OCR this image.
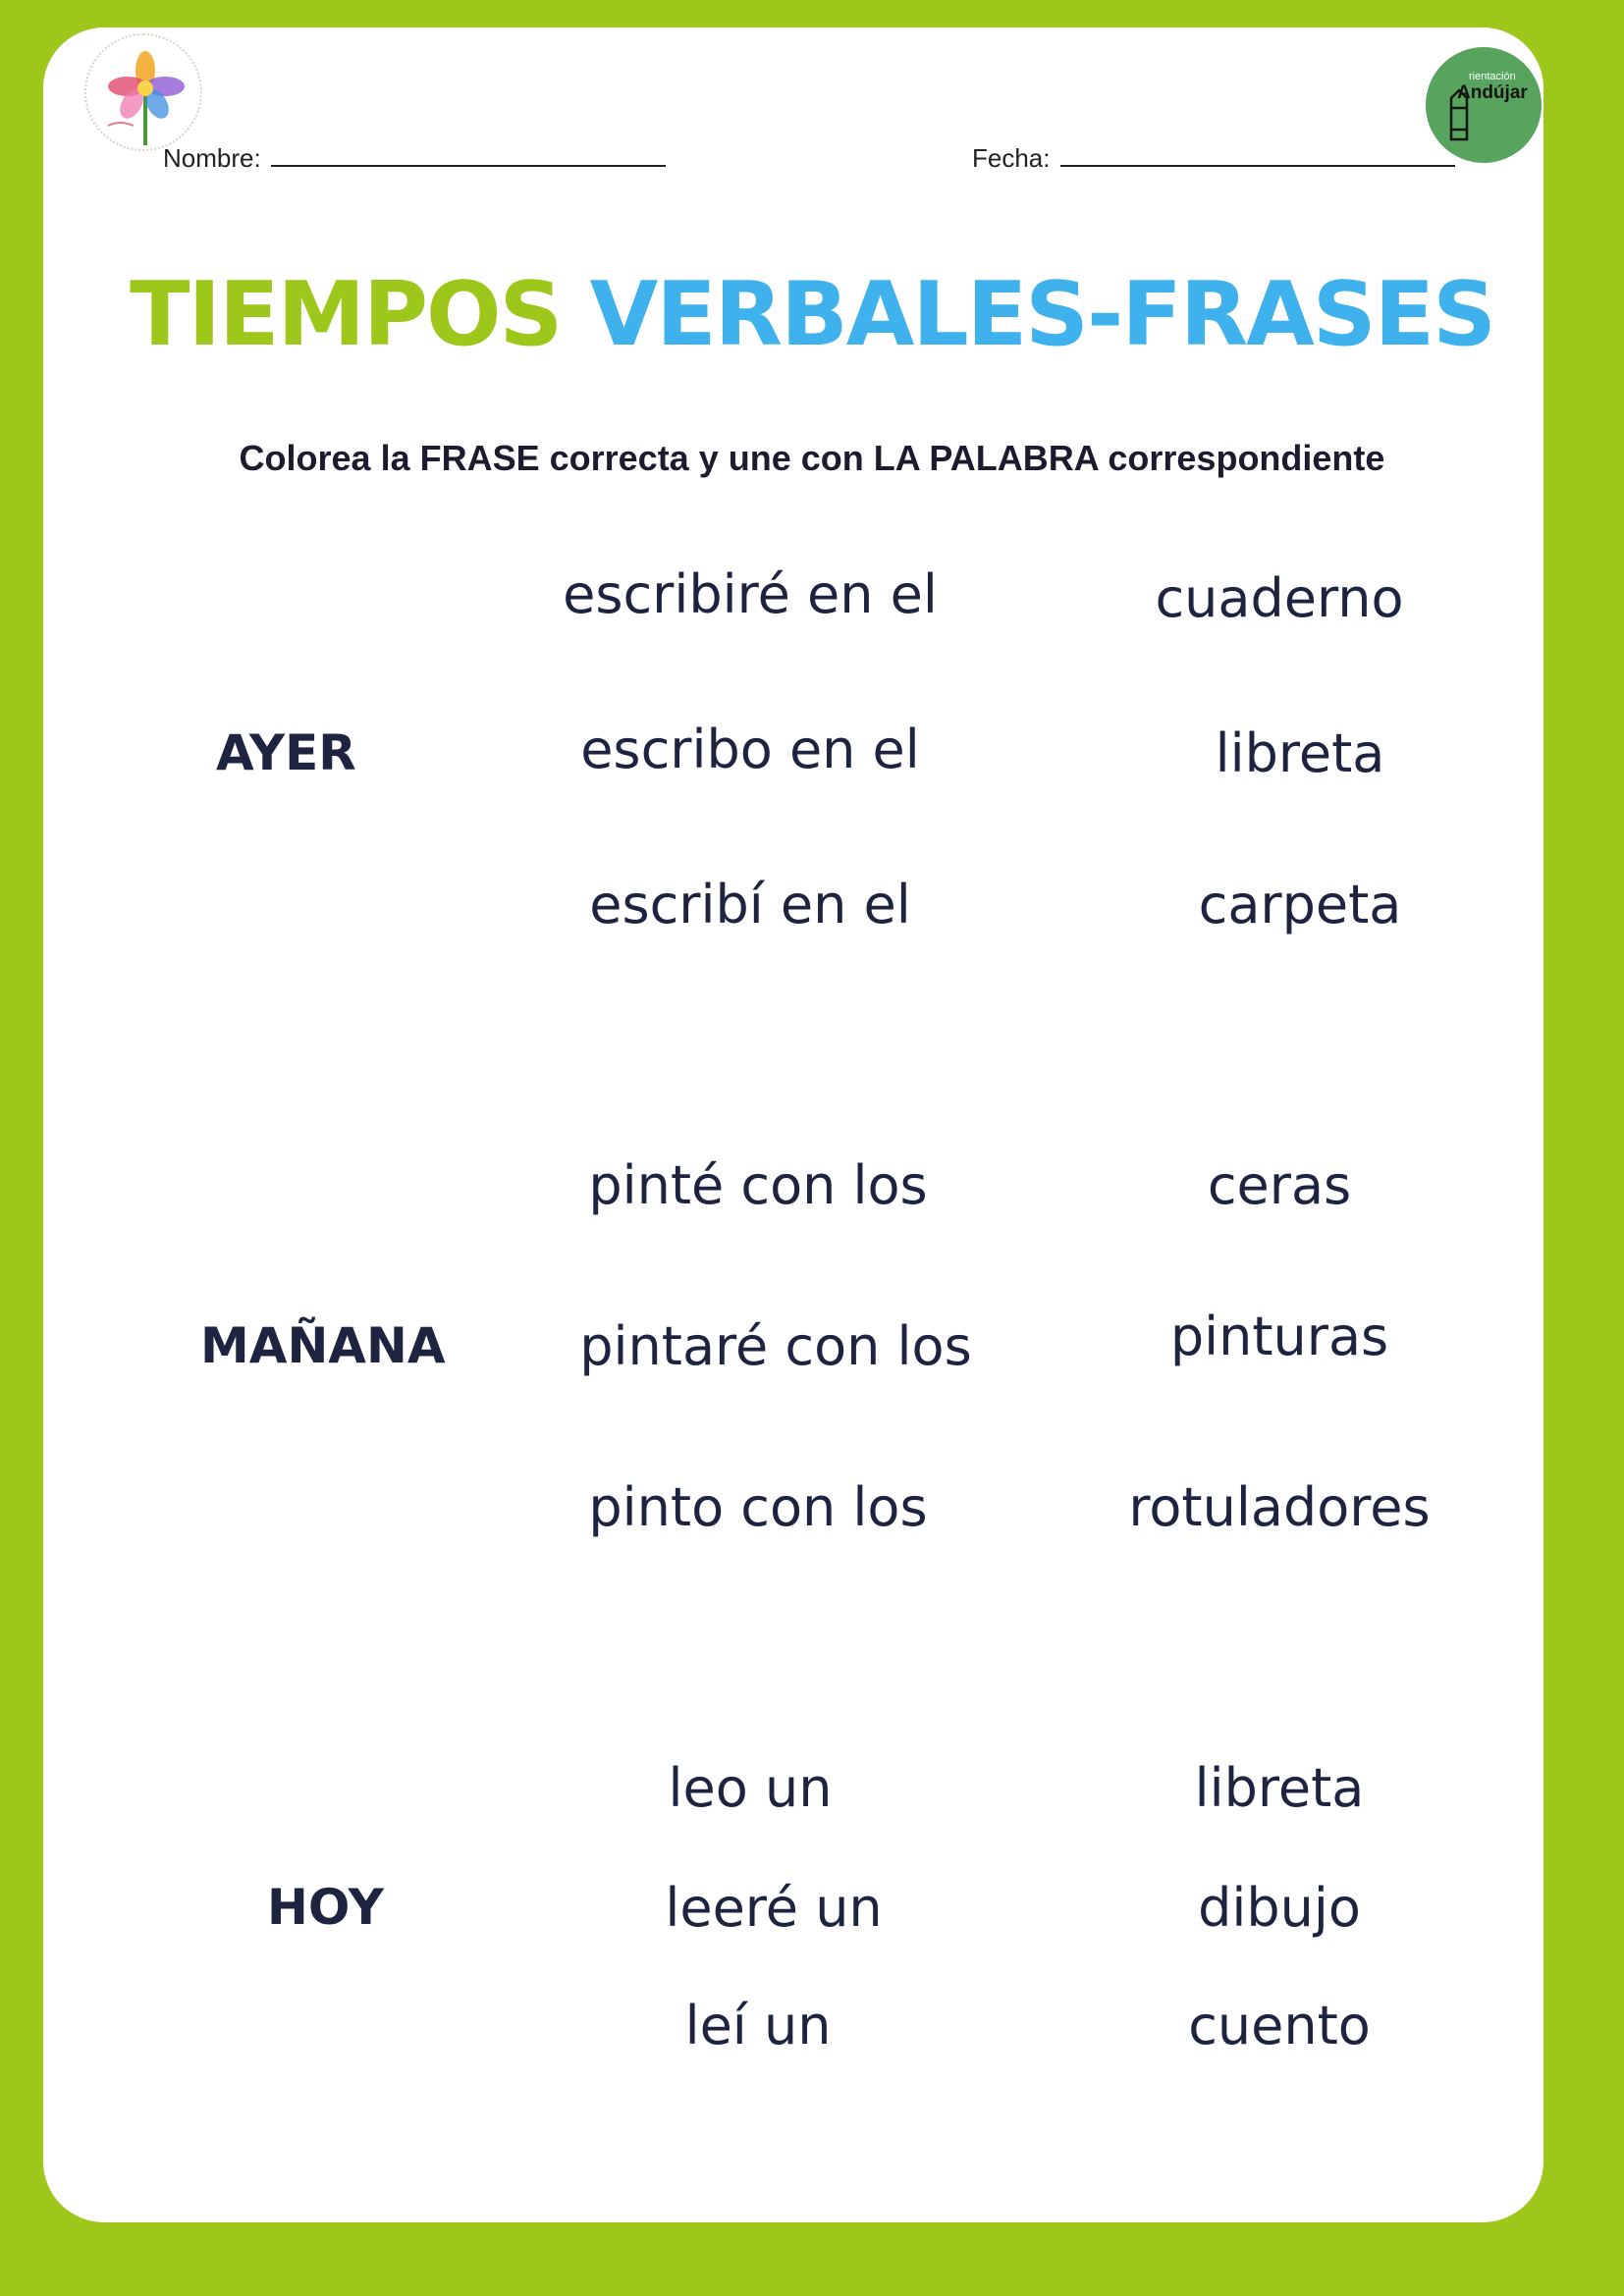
rientación
Andújar
Nombre:	Fecha:
TIEMPOS VERBALES-FRASES
Colorea la FRASE correcta y une con LA PALABRA correspondiente
AYER
escribiré en el
escribo en el
escribí en el
cuaderno
libreta
carpeta
MAÑANA
pinté con los
pintaré con los
pinto con los
ceras
pinturas
rotuladores
HOY
leo un
leeré un
leí un
libreta
dibujo
cuento
